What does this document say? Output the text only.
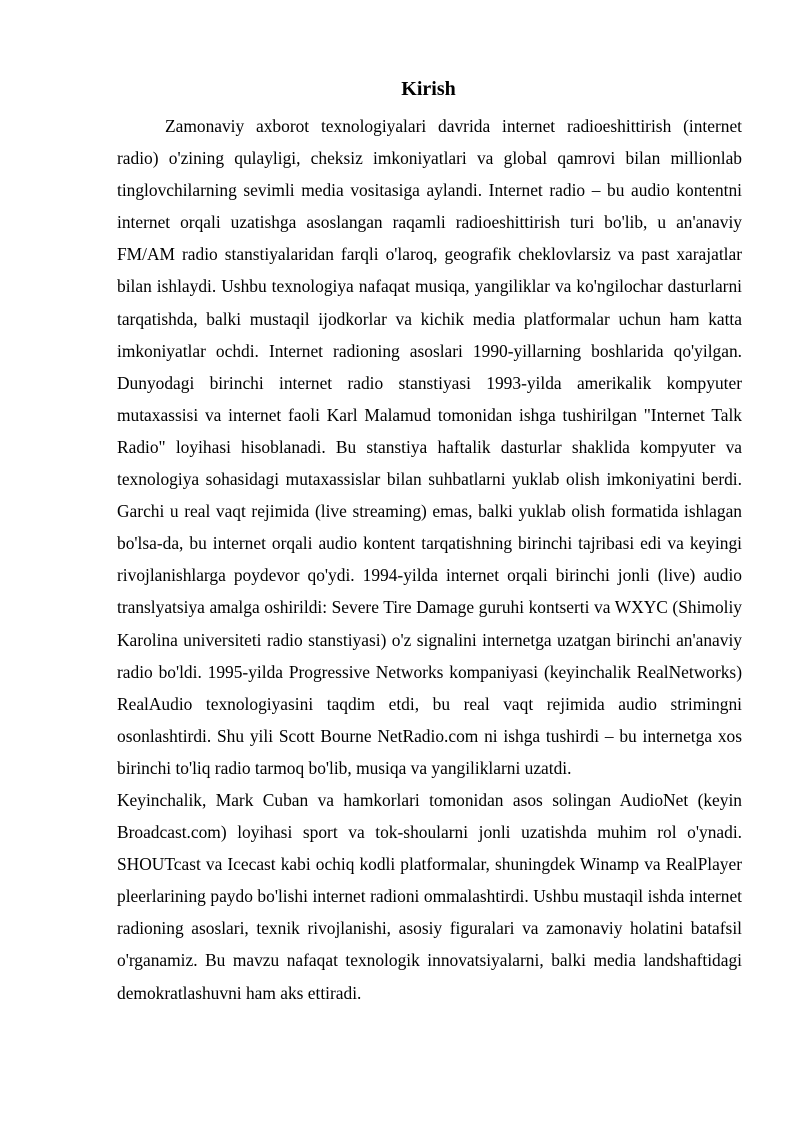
Kirish

Zamonaviy axborot texnologiyalari davrida internet radioeshittirish (internet radio) o'zining qulayligi, cheksiz imkoniyatlari va global qamrovi bilan millionlab tinglovchilarning sevimli media vositasiga aylandi. Internet radio – bu audio kontentni internet orqali uzatishga asoslangan raqamli radioeshittirish turi bo'lib, u an'anaviy FM/AM radio stanstiyalaridan farqli o'laroq, geografik cheklovlarsiz va past xarajatlar bilan ishlaydi. Ushbu texnologiya nafaqat musiqa, yangiliklar va ko'ngilochar dasturlarni tarqatishda, balki mustaqil ijodkorlar va kichik media platformalar uchun ham katta imkoniyatlar ochdi. Internet radioning asoslari 1990-yillarning boshlarida qo'yilgan. Dunyodagi birinchi internet radio stanstiyasi 1993-yilda amerikalik kompyuter mutaxassisi va internet faoli Karl Malamud tomonidan ishga tushirilgan "Internet Talk Radio" loyihasi hisoblanadi. Bu stanstiya haftalik dasturlar shaklida kompyuter va texnologiya sohasidagi mutaxassislar bilan suhbatlarni yuklab olish imkoniyatini berdi. Garchi u real vaqt rejimida (live streaming) emas, balki yuklab olish formatida ishlagan bo'lsa-da, bu internet orqali audio kontent tarqatishning birinchi tajribasi edi va keyingi rivojlanishlarga poydevor qo'ydi. 1994-yilda internet orqali birinchi jonli (live) audio translyatsiya amalga oshirildi: Severe Tire Damage guruhi kontserti va WXYC (Shimoliy Karolina universiteti radio stanstiyasi) o'z signalini internetga uzatgan birinchi an'anaviy radio bo'ldi. 1995-yilda Progressive Networks kompaniyasi (keyinchalik RealNetworks) RealAudio texnologiyasini taqdim etdi, bu real vaqt rejimida audio strimingni osonlashtirdi. Shu yili Scott Bourne NetRadio.com ni ishga tushirdi – bu internetga xos birinchi to'liq radio tarmoq bo'lib, musiqa va yangiliklarni uzatdi.

Keyinchalik, Mark Cuban va hamkorlari tomonidan asos solingan AudioNet (keyin Broadcast.com) loyihasi sport va tok-shoularni jonli uzatishda muhim rol o'ynadi. SHOUTcast va Icecast kabi ochiq kodli platformalar, shuningdek Winamp va RealPlayer pleerlarining paydo bo'lishi internet radioni ommalashtirdi. Ushbu mustaqil ishda internet radioning asoslari, texnik rivojlanishi, asosiy figuralari va zamonaviy holatini batafsil o'rganamiz. Bu mavzu nafaqat texnologik innovatsiyalarni, balki media landshaftidagi demokratlashuvni ham aks ettiradi.
